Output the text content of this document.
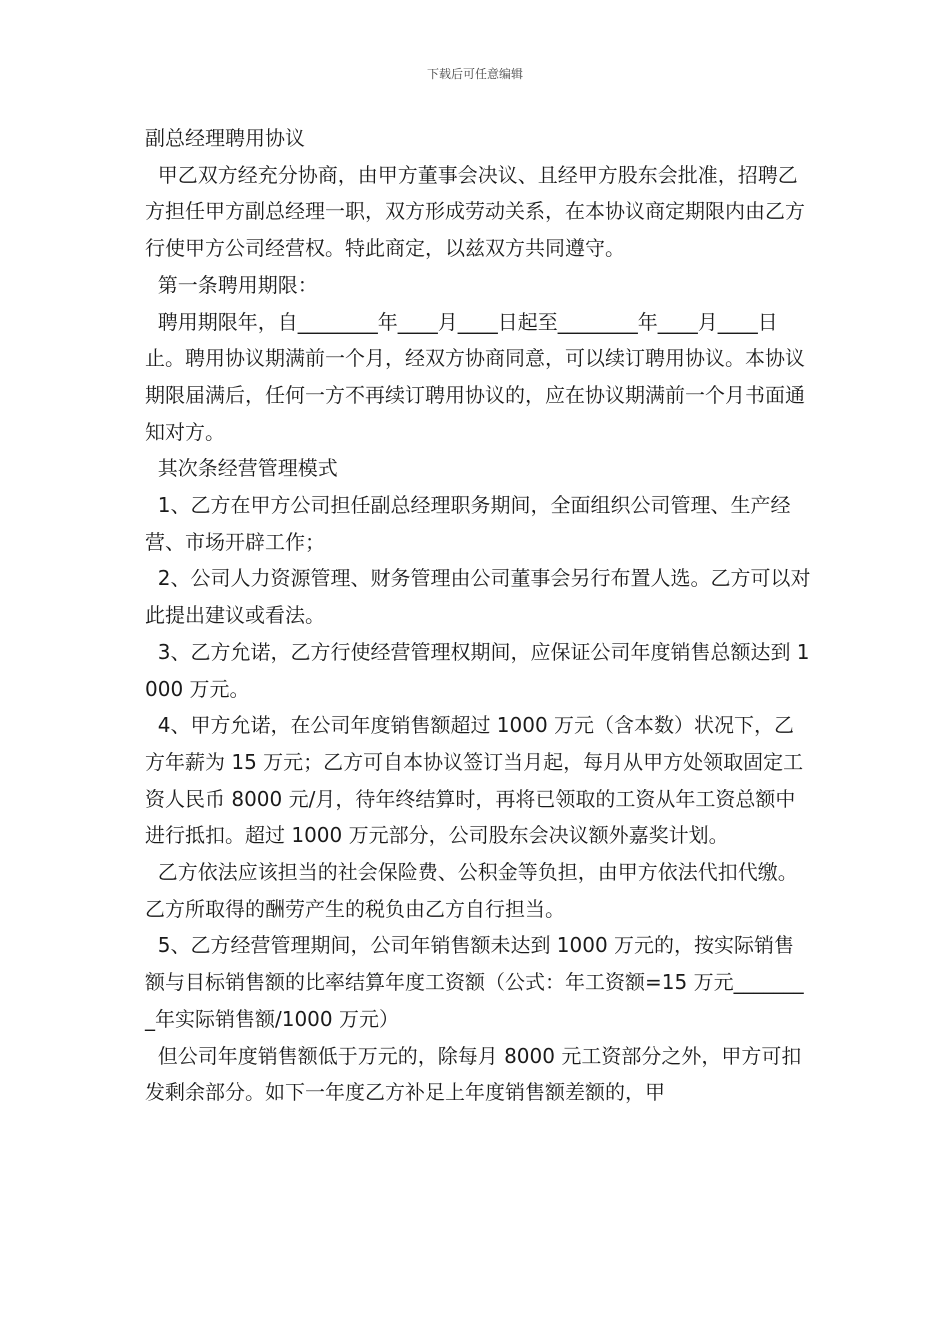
下载后可任意编辑

副总经理聘用协议

甲乙双方经充分协商，由甲方董事会决议、且经甲方股东会批准，招聘乙方担任甲方副总经理一职，双方形成劳动关系，在本协议商定期限内由乙方行使甲方公司经营权。特此商定，以兹双方共同遵守。

第一条聘用期限：

聘用期限年，自________年____月____日起至________年____月____日止。聘用协议期满前一个月，经双方协商同意，可以续订聘用协议。本协议期限届满后，任何一方不再续订聘用协议的，应在协议期满前一个月书面通知对方。

其次条经营管理模式

1、乙方在甲方公司担任副总经理职务期间，全面组织公司管理、生产经营、市场开辟工作；

2、公司人力资源管理、财务管理由公司董事会另行布置人选。乙方可以对此提出建议或看法。

3、乙方允诺，乙方行使经营管理权期间，应保证公司年度销售总额达到 1000 万元。

4、甲方允诺，在公司年度销售额超过 1000 万元（含本数）状况下，乙方年薪为 15 万元；乙方可自本协议签订当月起，每月从甲方处领取固定工资人民币 8000 元/月，待年终结算时，再将已领取的工资从年工资总额中进行抵扣。超过 1000 万元部分，公司股东会决议额外嘉奖计划。

乙方依法应该担当的社会保险费、公积金等负担，由甲方依法代扣代缴。乙方所取得的酬劳产生的税负由乙方自行担当。

5、乙方经营管理期间，公司年销售额未达到 1000 万元的，按实际销售额与目标销售额的比率结算年度工资额（公式：年工资额=15 万元________年实际销售额/1000 万元）

但公司年度销售额低于万元的，除每月 8000 元工资部分之外，甲方可扣发剩余部分。如下一年度乙方补足上年度销售额差额的，甲
